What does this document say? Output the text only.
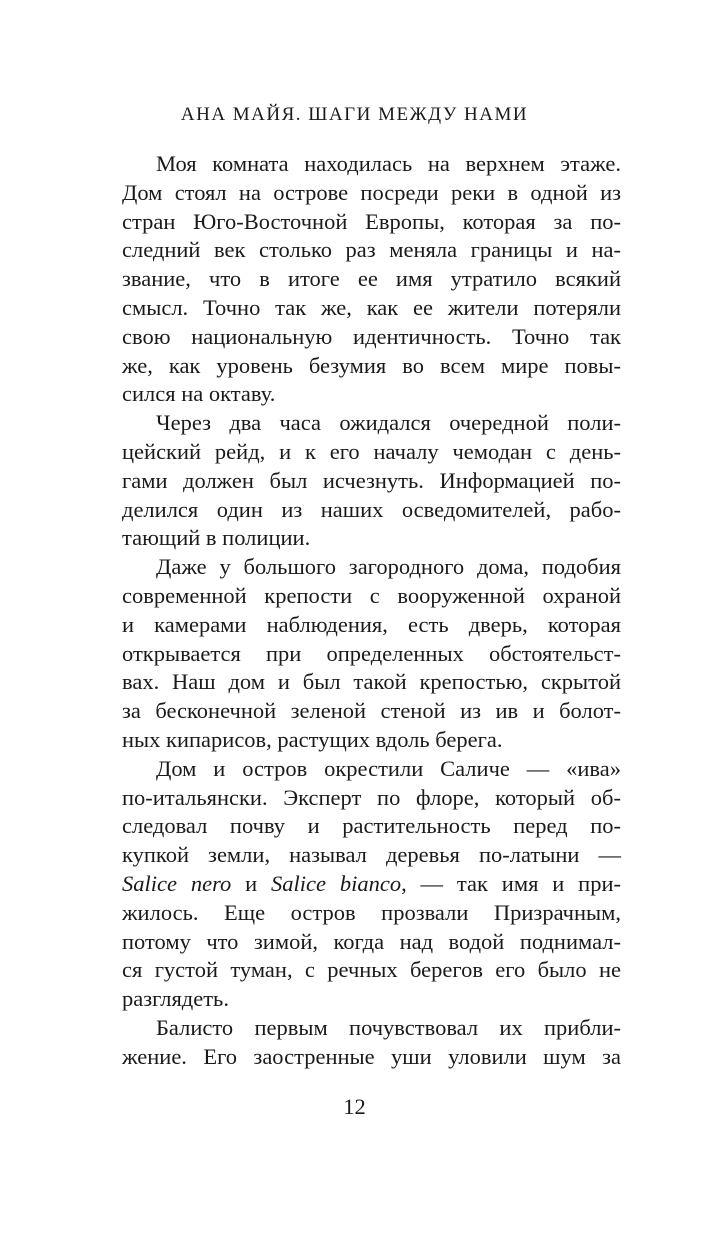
АНА МАЙЯ. ШАГИ МЕЖДУ НАМИ

Моя комната находилась на верхнем этаже.
Дом стоял на острове посреди реки в одной из
стран Юго-Восточной Европы, которая за по-
следний век столько раз меняла границы и на-
звание, что в итоге ее имя утратило всякий
смысл. Точно так же, как ее жители потеряли
свою национальную идентичность. Точно так
же, как уровень безумия во всем мире повы-
сился на октаву.

Через два часа ожидался очередной поли-
цейский рейд, и к его началу чемодан с день-
гами должен был исчезнуть. Информацией по-
делился один из наших осведомителей, рабо-
тающий в полиции.

Даже у большого загородного дома, подобия
современной крепости с вооруженной охраной
и камерами наблюдения, есть дверь, которая
открывается при определенных обстоятельст-
вах. Наш дом и был такой крепостью, скрытой
за бесконечной зеленой стеной из ив и болот-
ных кипарисов, растущих вдоль берега.

Дом и остров окрестили Саличе — «ива»
по-итальянски. Эксперт по флоре, который об-
следовал почву и растительность перед по-
купкой земли, называл деревья по-латыни —
Salice nero и Salice bianco, — так имя и при-
жилось. Еще остров прозвали Призрачным,
потому что зимой, когда над водой поднимал-
ся густой туман, с речных берегов его было не
разглядеть.

Балисто первым почувствовал их прибли-
жение. Его заостренные уши уловили шум за

12
